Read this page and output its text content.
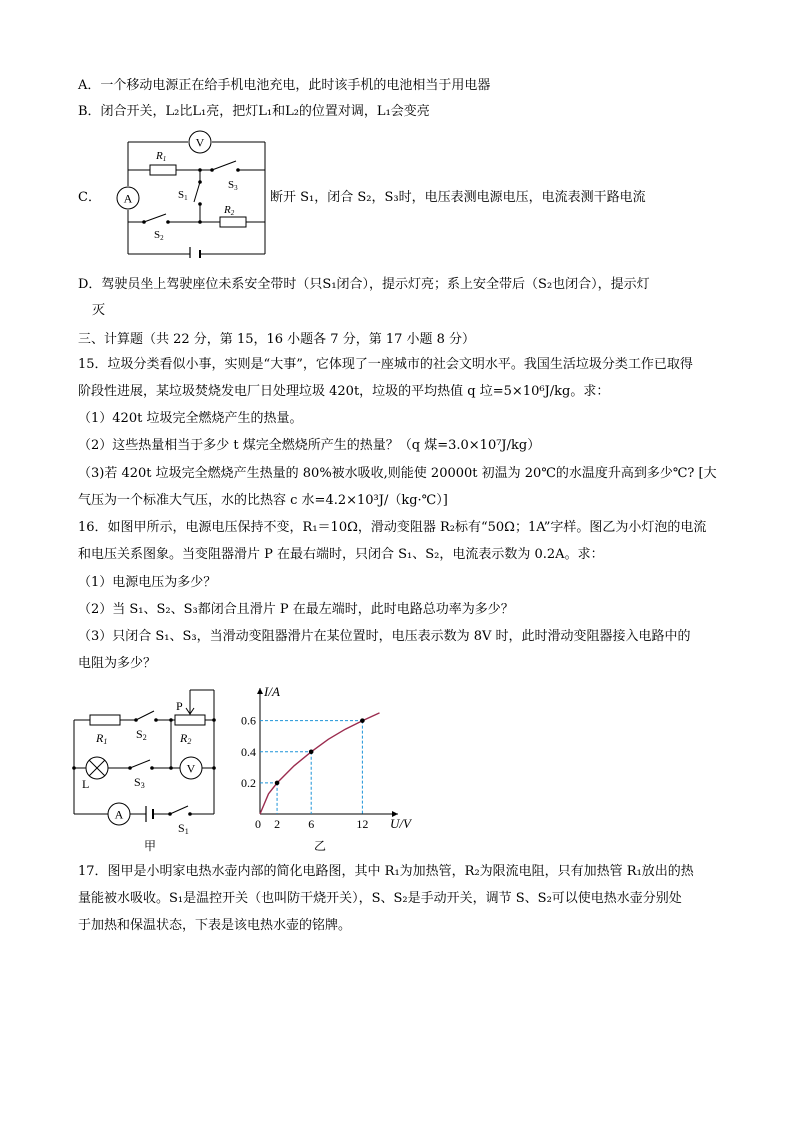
A．一个移动电源正在给手机电池充电，此时该手机的电池相当于用电器
B．闭合开关，L₂比L₁亮，把灯L₁和L₂的位置对调，L₁会变亮
C．
V
A
R1
S3
S1
R2
S2
断开 S₁，闭合 S₂，S₃时，电压表测电源电压，电流表测干路电流
D．驾驶员坐上驾驶座位未系安全带时（只S₁闭合），提示灯亮；系上安全带后（S₂也闭合），提示灯
灭
三、计算题（共 22 分，第 15，16 小题各 7 分，第 17 小题 8 分）
15．垃圾分类看似小事，实则是“大事”，它体现了一座城市的社会文明水平。我国生活垃圾分类工作已取得
阶段性进展，某垃圾焚烧发电厂日处理垃圾 420t，垃圾的平均热值 q 垃=5×10⁶J/kg。求：
（1）420t 垃圾完全燃烧产生的热量。
（2）这些热量相当于多少 t 煤完全燃烧所产生的热量？（q 煤=3.0×10⁷J/kg）
（3)若 420t 垃圾完全燃烧产生热量的 80%被水吸收,则能使 20000t 初温为 20℃的水温度升高到多少℃? [大
气压为一个标准大气压，水的比热容 c 水=4.2×10³J/（kg·℃）]
16．如图甲所示，电源电压保持不变，R₁＝10Ω，滑动变阻器 R₂标有“50Ω；1A”字样。图乙为小灯泡的电流
和电压关系图象。当变阻器滑片 P 在最右端时，只闭合 S₁、S₂，电流表示数为 0.2A。求：
（1）电源电压为多少？
（2）当 S₁、S₂、S₃都闭合且滑片 P 在最左端时，此时电路总功率为多少？
（3）只闭合 S₁、S₃，当滑动变阻器滑片在某位置时，电压表示数为 8V 时，此时滑动变阻器接入电路中的
电阻为多少？
V
A
P
R1
S2	R2
L	S3
S1
甲
0 2 6	12
0.2
0.4
0.6
I/A
U/V
乙
17．图甲是小明家电热水壶内部的简化电路图，其中 R₁为加热管，R₂为限流电阻，只有加热管 R₁放出的热
量能被水吸收。S₁是温控开关（也叫防干烧开关），S、S₂是手动开关，调节 S、S₂可以使电热水壶分别处
于加热和保温状态，下表是该电热水壶的铭牌。
